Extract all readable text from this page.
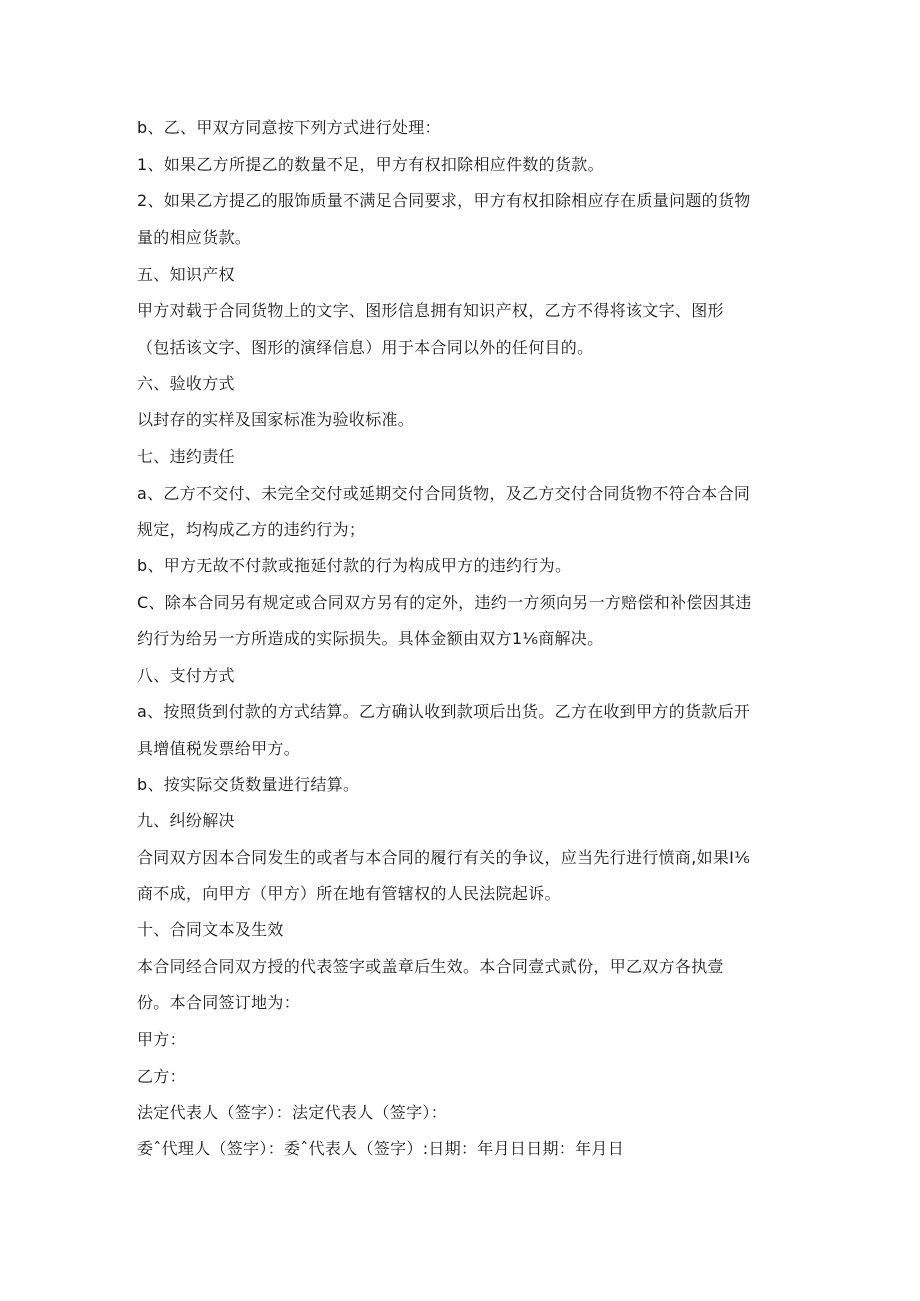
b、乙、甲双方同意按下列方式进行处理：
1、如果乙方所提乙的数量不足，甲方有权扣除相应件数的货款。
2、如果乙方提乙的服饰质量不满足合同要求，甲方有权扣除相应存在质量问题的货物
量的相应货款。
五、知识产权
甲方对载于合同货物上的文字、图形信息拥有知识产权，乙方不得将该文字、图形
（包括该文字、图形的演绎信息）用于本合同以外的任何目的。
六、验收方式
以封存的实样及国家标准为验收标准。
七、违约责任
a、乙方不交付、未完全交付或延期交付合同货物，及乙方交付合同货物不符合本合同
规定，均构成乙方的违约行为；
b、甲方无故不付款或拖延付款的行为构成甲方的违约行为。
C、除本合同另有规定或合同双方另有的定外，违约一方须向另一方赔偿和补偿因其违
约行为给另一方所造成的实际损失。具体金额由双方1⅙商解决。
八、支付方式
a、按照货到付款的方式结算。乙方确认收到款项后出货。乙方在收到甲方的货款后开
具增值税发票给甲方。
b、按实际交货数量进行结算。
九、纠纷解决
合同双方因本合同发生的或者与本合同的履行有关的争议，应当先行进行愤商,如果I⅙
商不成，向甲方（甲方）所在地有管辖权的人民法院起诉。
十、合同文本及生效
本合同经合同双方授的代表签字或盖章后生效。本合同壹式贰份，甲乙双方各执壹
份。本合同签订地为：
甲方：
乙方：
法定代表人（签字）：法定代表人（签字）：
委ˆ代理人（签字）：委ˆ代表人（签字）:日期：年月日日期：年月日
